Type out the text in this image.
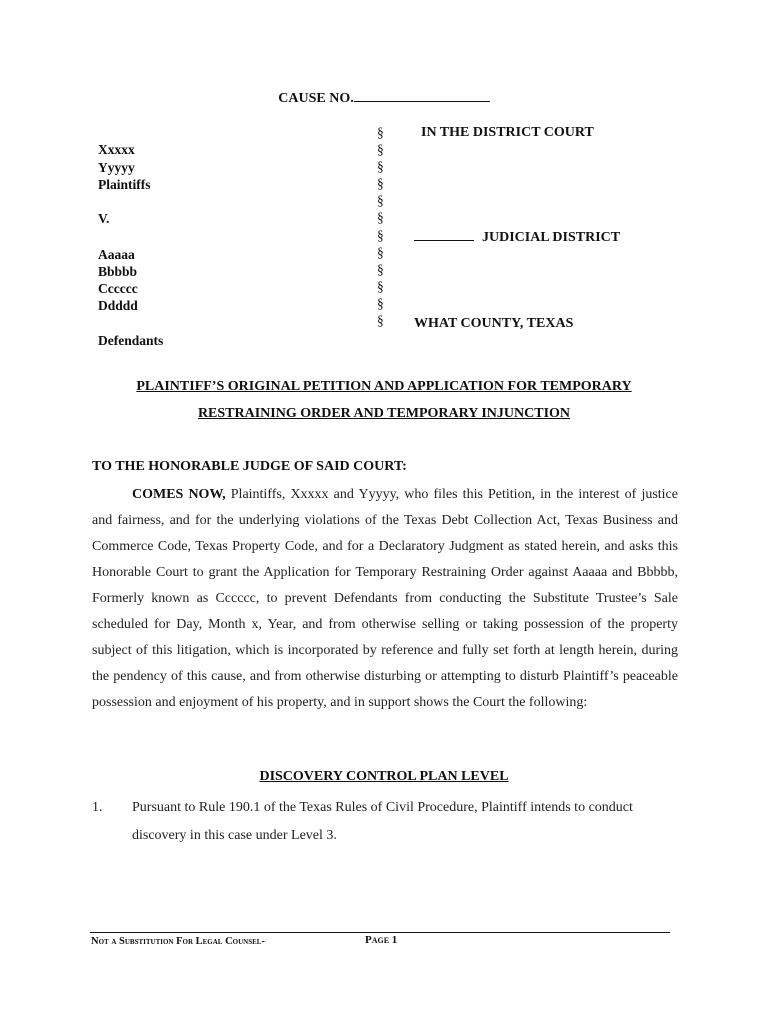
CAUSE NO.
Xxxxx
Yyyyy
Plaintiffs
V.
Aaaaa
Bbbbb
Cccccc
Ddddd
Defendants
§
§
§
§
§
§
§
§
§
§
§
§
IN THE DISTRICT COURT
JUDICIAL DISTRICT
WHAT COUNTY, TEXAS
PLAINTIFF’S ORIGINAL PETITION AND APPLICATION FOR TEMPORARY
RESTRAINING ORDER AND TEMPORARY INJUNCTION
TO THE HONORABLE JUDGE OF SAID COURT:
COMES NOW, Plaintiffs, Xxxxx and Yyyyy, who files this Petition, in the interest of justice and fairness, and for the underlying violations of the Texas Debt Collection Act, Texas Business and Commerce Code, Texas Property Code, and for a Declaratory Judgment as stated herein, and asks this Honorable Court to grant the Application for Temporary Restraining Order against Aaaaa and Bbbbb, Formerly known as Cccccc, to prevent Defendants from conducting the Substitute Trustee’s Sale scheduled for Day, Month x, Year, and from otherwise selling or taking possession of the property subject of this litigation, which is incorporated by reference and fully set forth at length herein, during the pendency of this cause, and from otherwise disturbing or attempting to disturb Plaintiff’s peaceable possession and enjoyment of his property, and in support shows the Court the following:
DISCOVERY CONTROL PLAN LEVEL
1. Pursuant to Rule 190.1 of the Texas Rules of Civil Procedure, Plaintiff intends to conduct discovery in this case under Level 3.
Not a Substitution For Legal Counsel-	Page 1
